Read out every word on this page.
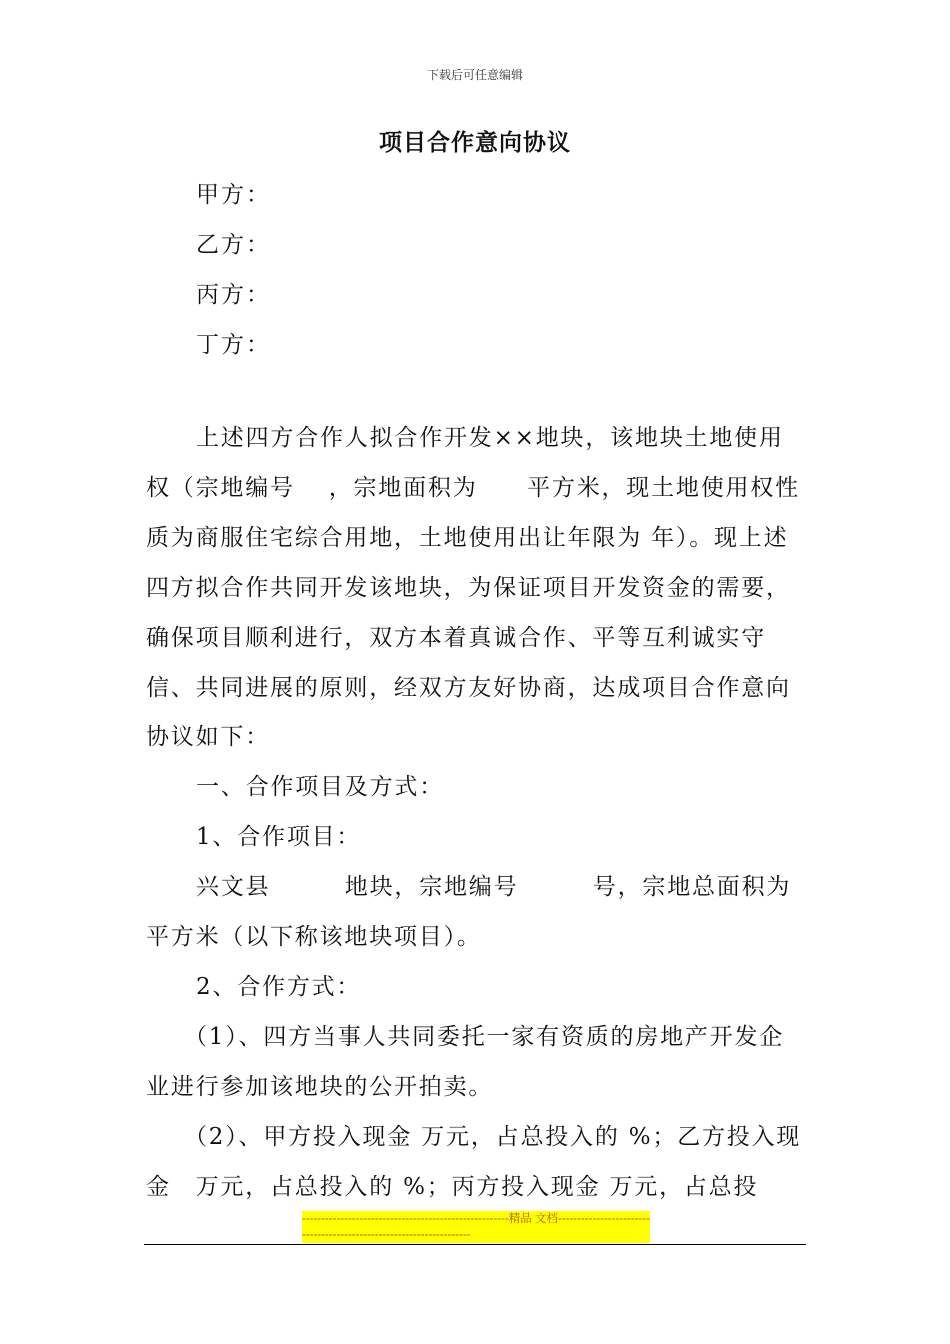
下载后可任意编辑
项目合作意向协议
甲方：
乙方：
丙方：
丁方：

上述四方合作人拟合作开发××地块，该地块土地使用权（宗地编号　 ，宗地面积为　　平方米，现土地使用权性质为商服住宅综合用地，土地使用出让年限为 年）。现上述四方拟合作共同开发该地块，为保证项目开发资金的需要，确保项目顺利进行，双方本着真诚合作、平等互利诚实守信、共同进展的原则，经双方友好协商，达成项目合作意向协议如下：

一、合作项目及方式：

1、合作项目：

兴文县　　　地块，宗地编号　　　号，宗地总面积为平方米（以下称该地块项目）。

2、合作方式：

（1）、四方当事人共同委托一家有资质的房地产开发企业进行参加该地块的公开拍卖。

（2）、甲方投入现金 万元，占总投入的 %；乙方投入现金　万元，占总投入的 %；丙方投入现金 万元，占总投

------------------------------------------------------精品 文档--------------------------------------------------------------------
